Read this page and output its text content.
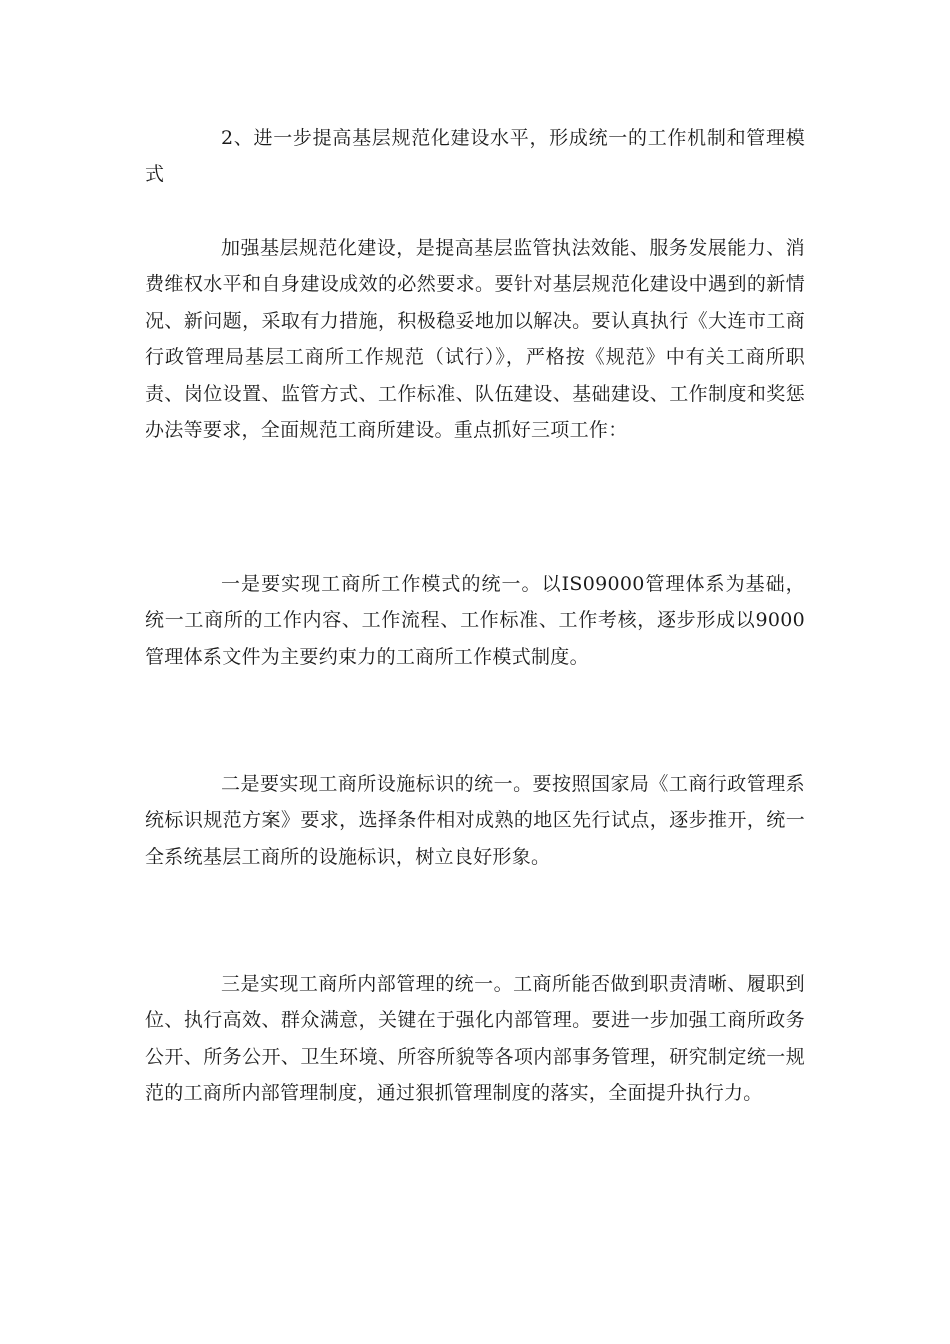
2、进一步提高基层规范化建设水平，形成统一的工作机制和管理模式

加强基层规范化建设，是提高基层监管执法效能、服务发展能力、消费维权水平和自身建设成效的必然要求。要针对基层规范化建设中遇到的新情况、新问题，采取有力措施，积极稳妥地加以解决。要认真执行《大连市工商行政管理局基层工商所工作规范（试行）》，严格按《规范》中有关工商所职责、岗位设置、监管方式、工作标准、队伍建设、基础建设、工作制度和奖惩办法等要求，全面规范工商所建设。重点抓好三项工作：

一是要实现工商所工作模式的统一。以IS09000管理体系为基础，统一工商所的工作内容、工作流程、工作标准、工作考核，逐步形成以9000管理体系文件为主要约束力的工商所工作模式制度。

二是要实现工商所设施标识的统一。要按照国家局《工商行政管理系统标识规范方案》要求，选择条件相对成熟的地区先行试点，逐步推开，统一全系统基层工商所的设施标识，树立良好形象。

三是实现工商所内部管理的统一。工商所能否做到职责清晰、履职到位、执行高效、群众满意，关键在于强化内部管理。要进一步加强工商所政务公开、所务公开、卫生环境、所容所貌等各项内部事务管理，研究制定统一规范的工商所内部管理制度，通过狠抓管理制度的落实，全面提升执行力。
